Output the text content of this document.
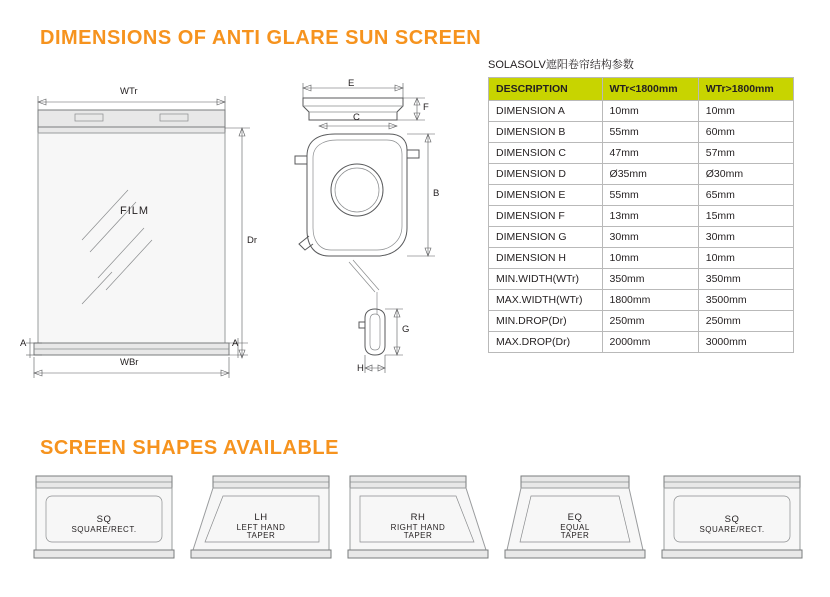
DIMENSIONS OF ANTI GLARE SUN SCREEN
SCREEN SHAPES AVAILABLE
WTr
WBr
Dr
A	A
FILM
E
F
C
B
G
H
SOLASOLV遮阳卷帘结构参数
DESCRIPTION	WTr<1800mm	WTr>1800mm
DIMENSION A	10mm	10mm
DIMENSION B	55mm	60mm
DIMENSION C	47mm	57mm
DIMENSION D	Ø35mm	Ø30mm
DIMENSION E	55mm	65mm
DIMENSION F	13mm	15mm
DIMENSION G	30mm	30mm
DIMENSION H	10mm	10mm
MIN.WIDTH(WTr)	350mm	350mm
MAX.WIDTH(WTr)	1800mm	3500mm
MIN.DROP(Dr)	250mm	250mm
MAX.DROP(Dr)	2000mm	3000mm
SQ
SQUARE/RECT.
LH
LEFT HAND
TAPER
RH
RIGHT HAND
TAPER
EQ
EQUAL
TAPER
SQ
SQUARE/RECT.
